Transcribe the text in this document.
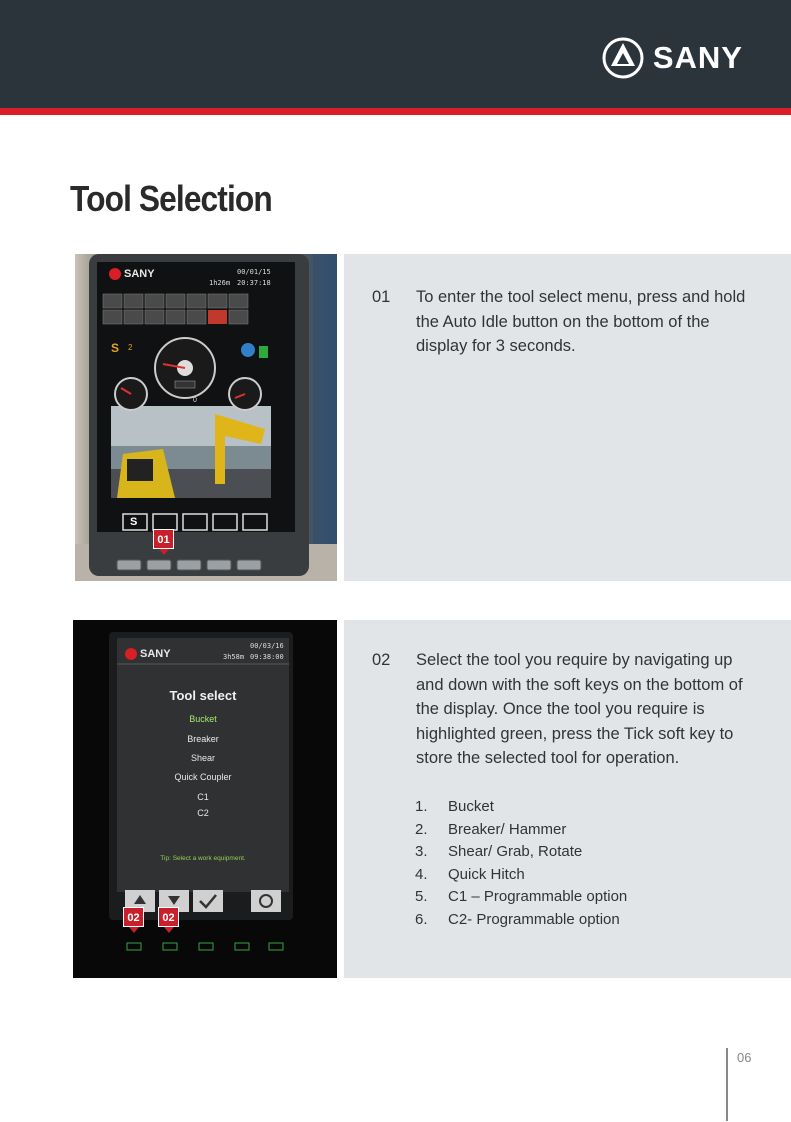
SANY
Tool Selection
SANY	00/01/15
1h26m 20:37:18
S 2
0
S
01
01	To enter the tool select menu, press and hold the Auto Idle button on the bottom of the display for 3 seconds.
SANY
00/03/16
3h58m 09:38:00
Tool select
Bucket
Breaker
Shear
Quick Coupler
C1
C2
Tip: Select a work equipment.
02	02
02	Select the tool you require by navigating up and down with the soft keys on the bottom of the display. Once the tool you require is highlighted green, press the Tick soft key to store the selected tool for operation.
1.	Bucket
2.	Breaker/ Hammer
3.	Shear/ Grab, Rotate
4.	Quick Hitch
5.	C1 – Programmable option
6.	C2- Programmable option
06
